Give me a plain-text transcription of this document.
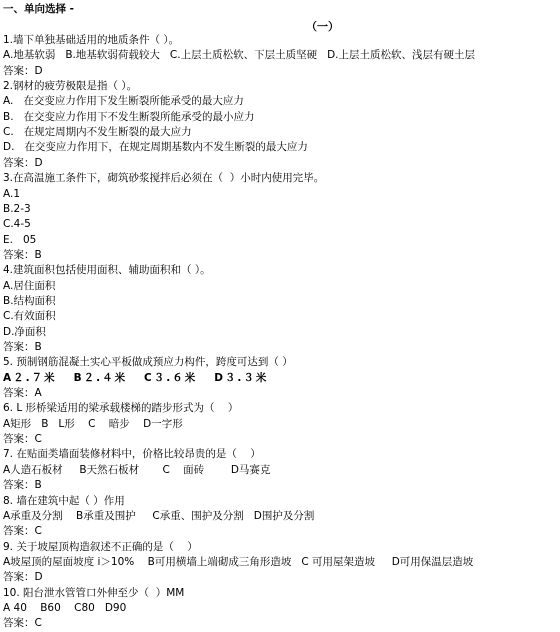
一、单向选择 -
（一）
1.墙下单独基础适用的地质条件（ ）。
A.地基软弱   B.地基软弱荷载较大   C.上层土质松软、下层土质坚硬   D.上层土质松软、浅层有硬土层
答案：D
2.钢材的疲劳极限是指（ ）。
A.   在交变应力作用下发生断裂所能承受的最大应力
B.   在交变应力作用下不发生断裂所能承受的最小应力
C.   在规定周期内不发生断裂的最大应力
D.   在交变应力作用下，在规定周期基数内不发生断裂的最大应力
答案：D
3.在高温施工条件下，砌筑砂浆搅拌后必须在（  ）小时内使用完毕。
A.1
B.2-3
C.4-5
E.   05
答案：B
4.建筑面积包括使用面积、辅助面积和（ ）。
A.居住面积
B.结构面积
C.有效面积
D.净面积
答案：B
5. 预制钢筋混凝土实心平板做成预应力构件，跨度可达到（ ）
A２.７米   B２.４米   C３.６米   D３.３米
答案：A
6. L 形桥梁适用的梁承载楼梯的踏步形式为（    ）
A矩形   B   L形    C    暗步    D一字形
答案：C
7. 在贴面类墙面装修材料中，价格比较昂贵的是（    ）
A人造石板材     B天然石板材       C    面砖        D马赛克
答案：B
8. 墙在建筑中起（ ）作用
A承重及分割    B承重及围护     C承重、围护及分割   D围护及分割
答案：C
9. 关于坡屋顶构造叙述不正确的是（    ）
A坡屋顶的屋面坡度 i＞10%    B可用横墙上端砌成三角形造坡   C 可用屋架造坡     D可用保温层造坡
答案：D
10. 阳台泄水管管口外伸至少（  ）MM
A 40    B60    C80   D90
答案：C
